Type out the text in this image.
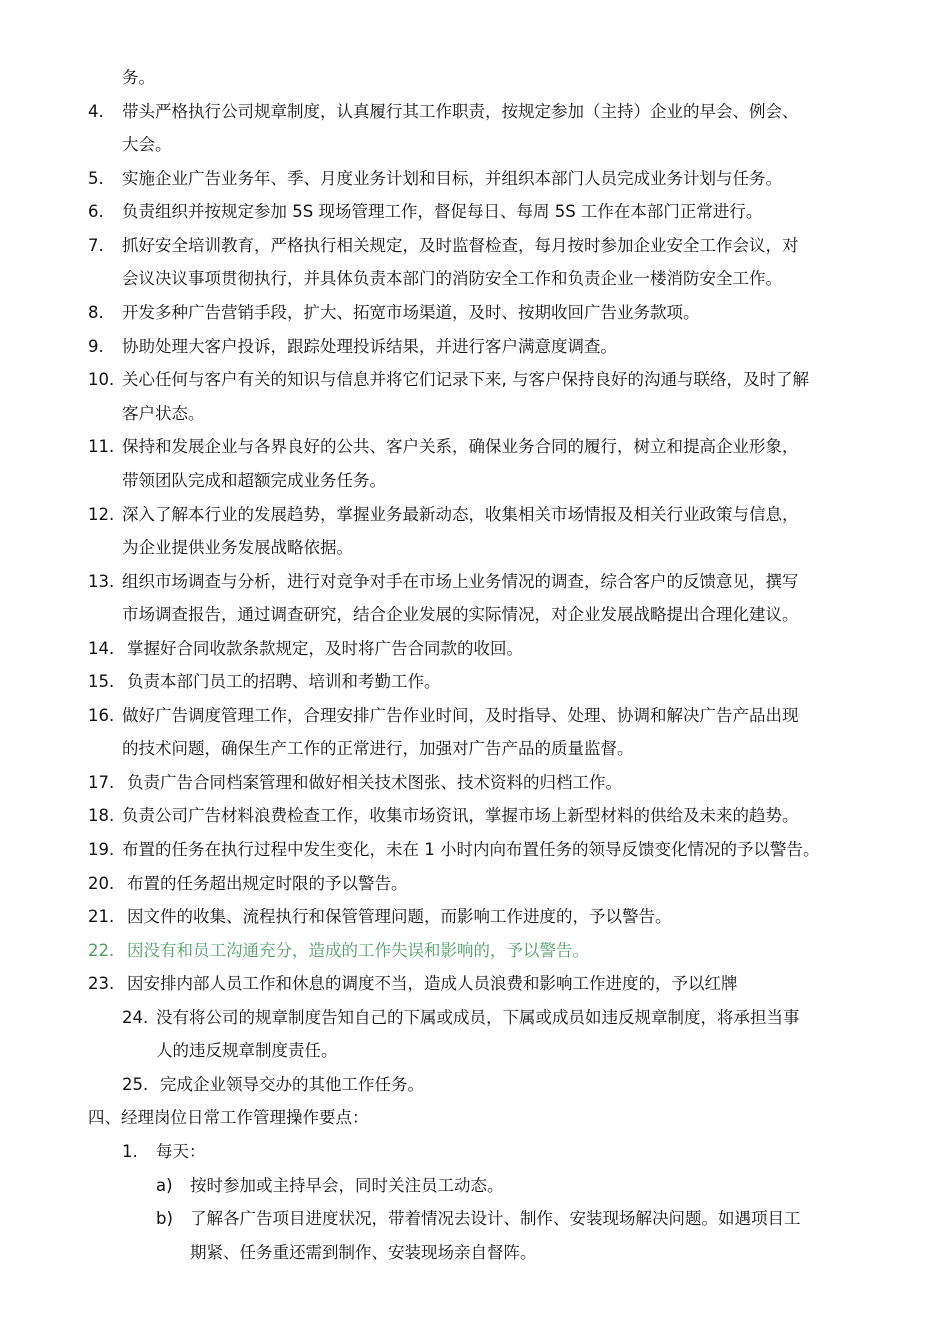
务。
4. 带头严格执行公司规章制度，认真履行其工作职责，按规定参加（主持）企业的早会、例会、
大会。
5. 实施企业广告业务年、季、月度业务计划和目标，并组织本部门人员完成业务计划与任务。
6. 负责组织并按规定参加 5S 现场管理工作，督促每日、每周 5S 工作在本部门正常进行。
7. 抓好安全培训教育，严格执行相关规定，及时监督检查，每月按时参加企业安全工作会议，对
会议决议事项贯彻执行，并具体负责本部门的消防安全工作和负责企业一楼消防安全工作。
8. 开发多种广告营销手段，扩大、拓宽市场渠道，及时、按期收回广告业务款项。
9. 协助处理大客户投诉，跟踪处理投诉结果，并进行客户满意度调查。
10. 关心任何与客户有关的知识与信息并将它们记录下来, 与客户保持良好的沟通与联络，及时了解
客户状态。
11. 保持和发展企业与各界良好的公共、客户关系，确保业务合同的履行，树立和提高企业形象，
带领团队完成和超额完成业务任务。
12. 深入了解本行业的发展趋势，掌握业务最新动态，收集相关市场情报及相关行业政策与信息，
为企业提供业务发展战略依据。
13. 组织市场调查与分析，进行对竞争对手在市场上业务情况的调查，综合客户的反馈意见，撰写
市场调查报告，通过调查研究，结合企业发展的实际情况，对企业发展战略提出合理化建议。
14. 掌握好合同收款条款规定，及时将广告合同款的收回。
15. 负责本部门员工的招聘、培训和考勤工作。
16. 做好广告调度管理工作，合理安排广告作业时间，及时指导、处理、协调和解决广告产品出现
的技术问题，确保生产工作的正常进行，加强对广告产品的质量监督。
17. 负责广告合同档案管理和做好相关技术图张、技术资料的归档工作。
18. 负责公司广告材料浪费检查工作，收集市场资讯，掌握市场上新型材料的供给及未来的趋势。
19. 布置的任务在执行过程中发生变化，未在 1 小时内向布置任务的领导反馈变化情况的予以警告。
20. 布置的任务超出规定时限的予以警告。
21. 因文件的收集、流程执行和保管管理问题，而影响工作进度的，予以警告。
22. 因没有和员工沟通充分，造成的工作失误和影响的，予以警告。
23. 因安排内部人员工作和休息的调度不当，造成人员浪费和影响工作进度的，予以红牌
24. 没有将公司的规章制度告知自己的下属或成员，下属或成员如违反规章制度，将承担当事
人的违反规章制度责任。
25. 完成企业领导交办的其他工作任务。
四、经理岗位日常工作管理操作要点：
1. 每天：
a) 按时参加或主持早会，同时关注员工动态。
b) 了解各广告项目进度状况，带着情况去设计、制作、安装现场解决问题。如遇项目工
期紧、任务重还需到制作、安装现场亲自督阵。
